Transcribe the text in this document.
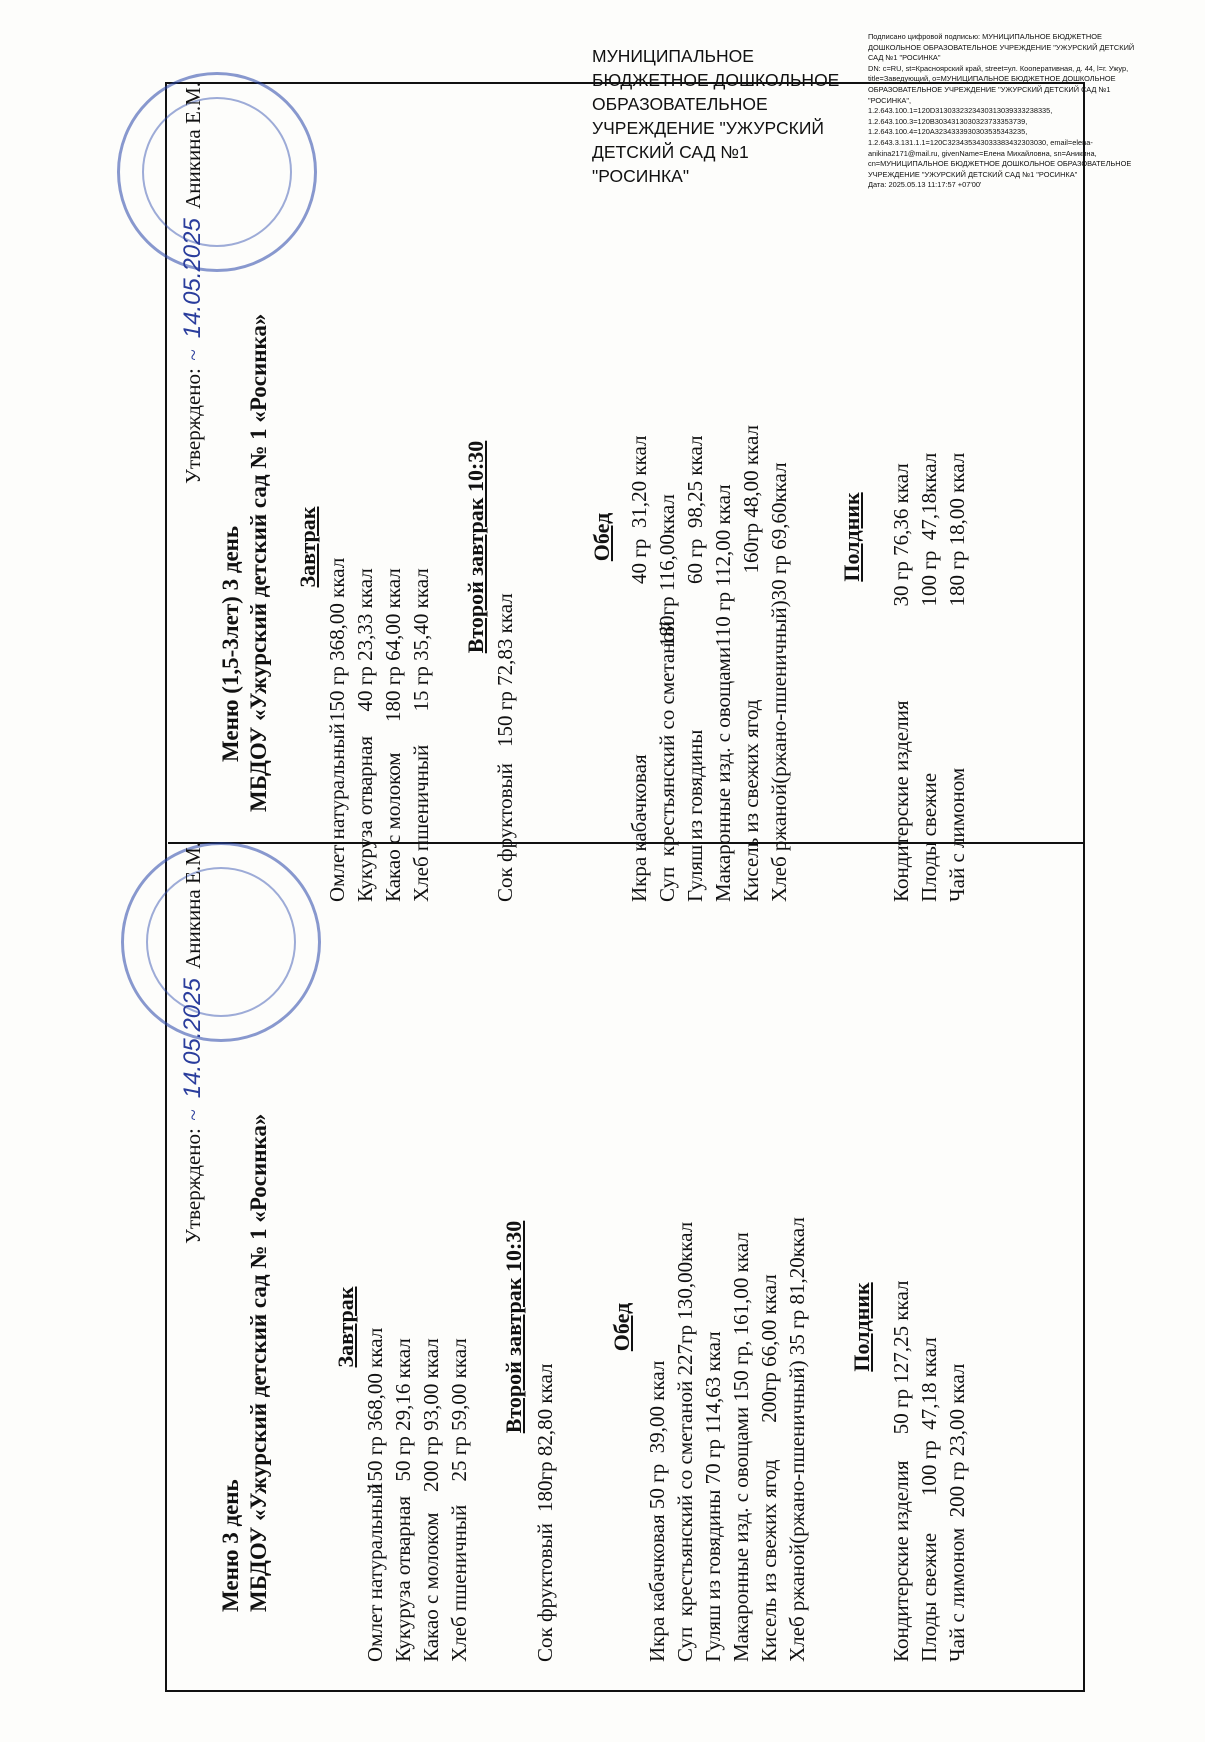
МУНИЦИПАЛЬНОЕ
БЮДЖЕТНОЕ ДОШКОЛЬНОЕ
ОБРАЗОВАТЕЛЬНОЕ
УЧРЕЖДЕНИЕ "УЖУРСКИЙ
ДЕТСКИЙ САД №1
"РОСИНКА"
Подписано цифровой подписью: МУНИЦИПАЛЬНОЕ БЮДЖЕТНОЕ ДОШКОЛЬНОЕ ОБРАЗОВАТЕЛЬНОЕ УЧРЕЖДЕНИЕ "УЖУРСКИЙ ДЕТСКИЙ САД №1 "РОСИНКА"
DN: c=RU, st=Красноярский край, street=ул. Кооперативная, д. 44, l=г. Ужур, title=Заведующий, o=МУНИЦИПАЛЬНОЕ БЮДЖЕТНОЕ ДОШКОЛЬНОЕ ОБРАЗОВАТЕЛЬНОЕ УЧРЕЖДЕНИЕ "УЖУРСКИЙ ДЕТСКИЙ САД №1 "РОСИНКА",
1.2.643.100.1=120D3130332323430313039333238335,
1.2.643.100.3=120B3034313030323733353739,
1.2.643.100.4=120A3234333930303535343235,
1.2.643.3.131.1.1=120C323435343033383432303030, email=elena-anikina2171@mail.ru, givenName=Елена Михайловна, sn=Аникина, cn=МУНИЦИПАЛЬНОЕ БЮДЖЕТНОЕ ДОШКОЛЬНОЕ ОБРАЗОВАТЕЛЬНОЕ УЧРЕЖДЕНИЕ "УЖУРСКИЙ ДЕТСКИЙ САД №1 "РОСИНКА"
Дата: 2025.05.13 11:17:57 +07'00'
Утверждено: ~ 14.05.2025 Аникина Е.М.
Меню 3 день МБДОУ «Ужурский детский сад № 1 «Росинка»	Завтрак
Омлет натуральный150 гр 368,00 ккал
Кукуруза отварная  50 гр 29,16 ккал
Какао с молоком200 гр 93,00 ккал
Хлеб пшеничный  25 гр 59,00 ккал Второй завтрак 10:30
Сок фруктовый180гр 82,80 ккал
Обед
Икра кабачковая 50 гр  39,00 ккал Суп  крестьянский со сметаной 227гр 130,00ккал Гуляш из говядины 70 гр 114,63 ккал Макаронные изд. с овощами 150 гр, 161,00 ккал Кисель из свежих ягод       200гр 66,00 ккал Хлеб ржаной(ржано-пшеничный) 35 гр 81,20ккал Полдник Кондитерские изделия     50 гр 127,25 ккал Плоды свежие       100 гр  47,18 ккал Чай с лимоном  200 гр 23,00 ккал
Утверждено: ~ 14.05.2025 Аникина Е.М.
Меню (1,5-3лет) 3 день МБДОУ «Ужурский детский сад № 1 «Росинка» Завтрак
Омлет натуральный150 гр 368,00 ккал
Кукуруза отварная  40 гр 23,33 ккал
Какао с молоком180 гр 64,00 ккал
Хлеб пшеничный  15 гр 35,40 ккал Второй завтрак 10:30
Сок фруктовый150 гр 72,83 ккал
Обед
Икра кабачковая            40 гр  31,20 ккал
Суп  крестьянский со сметаной180гр 116,00ккал
Гуляш из говядины            60 гр  98,25 ккал
Макаронные изд. с овощами110 гр 112,00 ккал
Кисель из свежих ягод              160гр 48,00 ккал
Хлеб ржаной(ржано-пшеничный)30 гр 69,60ккал Полдник
Кондитерские изделия  30 гр 76,36 ккал
Плоды свежие  100 гр  47,18ккал
Чай с лимоном  180 гр 18,00 ккал
